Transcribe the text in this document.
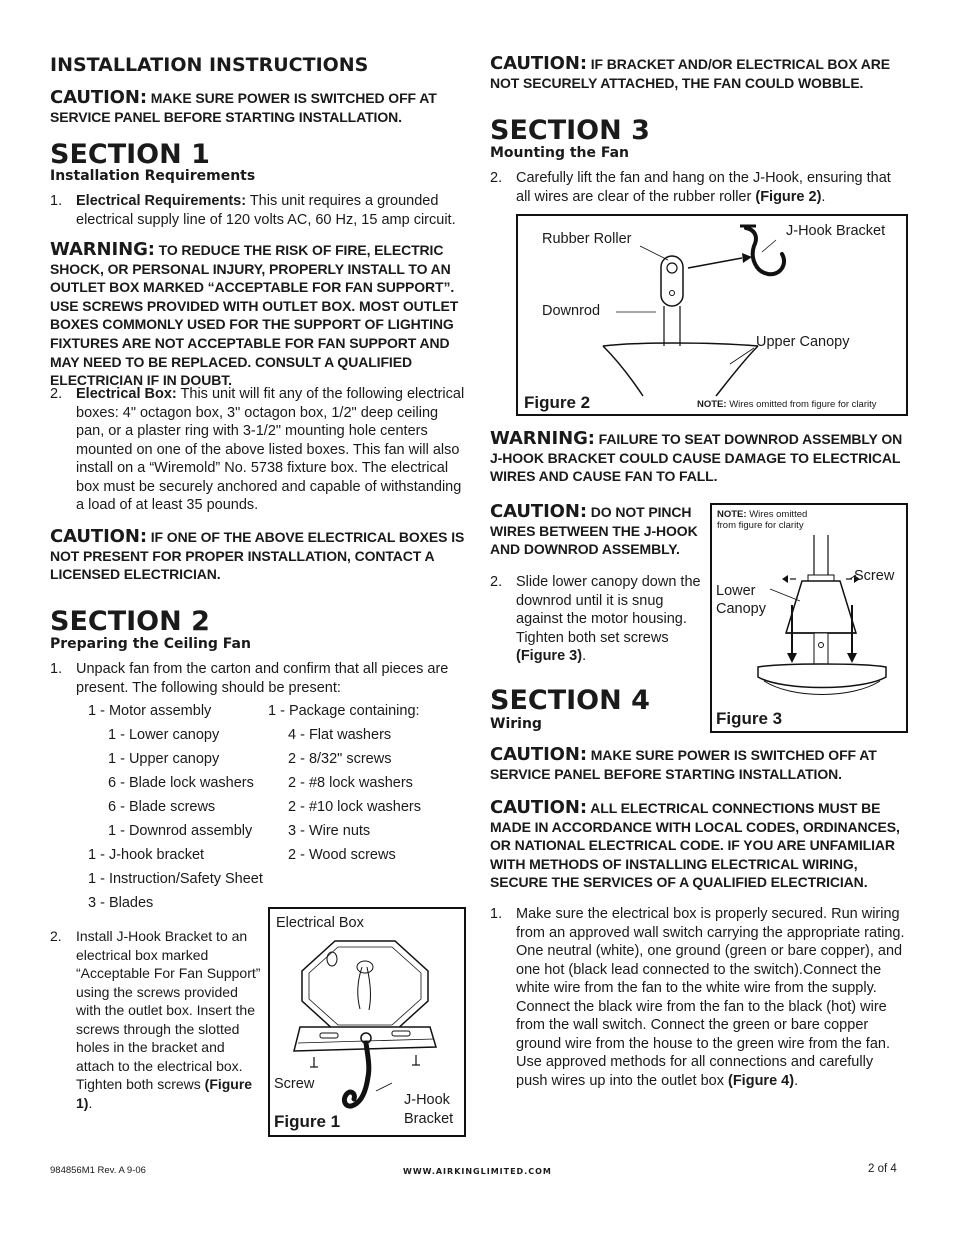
INSTALLATION INSTRUCTIONS
CAUTION: MAKE SURE POWER IS SWITCHED OFF AT SERVICE PANEL BEFORE STARTING INSTALLATION.
SECTION 1
Installation Requirements
1. Electrical Requirements: This unit requires a grounded electrical supply line of 120 volts AC, 60 Hz, 15 amp circuit.
WARNING: TO REDUCE THE RISK OF FIRE, ELECTRIC SHOCK, OR PERSONAL INJURY, PROPERLY INSTALL TO AN OUTLET BOX MARKED “ACCEPTABLE FOR FAN SUPPORT”. USE SCREWS PROVIDED WITH OUTLET BOX. MOST OUTLET BOXES COMMONLY USED FOR THE SUPPORT OF LIGHTING FIXTURES ARE NOT ACCEPTABLE FOR FAN SUPPORT AND MAY NEED TO BE REPLACED. CONSULT A QUALIFIED ELECTRICIAN IF IN DOUBT.
2. Electrical Box: This unit will fit any of the following electrical boxes: 4" octagon box, 3" octagon box, 1/2" deep ceiling pan, or a plaster ring with 3-1/2" mounting hole centers mounted on one of the above listed boxes. This fan will also install on a “Wiremold” No. 5738 fixture box. The electrical box must be securely anchored and capable of withstanding a load of at least 35 pounds.
CAUTION: IF ONE OF THE ABOVE ELECTRICAL BOXES IS NOT PRESENT FOR PROPER INSTALLATION, CONTACT A LICENSED ELECTRICIAN.
SECTION 2
Preparing the Ceiling Fan
1. Unpack fan from the carton and confirm that all pieces are present. The following should be present:
1 - Motor assembly
1 - Lower canopy
1 - Upper canopy
6 - Blade lock washers
6 - Blade screws
1 - Downrod assembly
1 - J-hook bracket
1 - Instruction/Safety Sheet
3 - Blades
1 - Package containing:
4 - Flat washers
2 - 8/32" screws
2 - #8 lock washers
2 - #10 lock washers
3 - Wire nuts
2 - Wood screws
2. Install J-Hook Bracket to an electrical box marked “Acceptable For Fan Support” using the screws provided with the outlet box. Insert the screws through the slotted holes in the bracket and attach to the electrical box. Tighten both screws (Figure 1).
Electrical Box
Screw
J-Hook
Bracket
Figure 1
CAUTION: IF BRACKET AND/OR ELECTRICAL BOX ARE NOT SECURELY ATTACHED, THE FAN COULD WOBBLE.
SECTION 3
Mounting the Fan
2. Carefully lift the fan and hang on the J-Hook, ensuring that all wires are clear of the rubber roller (Figure 2).
Rubber Roller	J-Hook Bracket
Downrod
Upper Canopy
Figure 2	NOTE: Wires omitted from figure for clarity
WARNING: FAILURE TO SEAT DOWNROD ASSEMBLY ON J-HOOK BRACKET COULD CAUSE DAMAGE TO ELECTRICAL WIRES AND CAUSE FAN TO FALL.
CAUTION: DO NOT PINCH WIRES BETWEEN THE J-HOOK AND DOWNROD ASSEMBLY.
2. Slide lower canopy down the downrod until it is snug against the motor housing. Tighten both set screws (Figure 3).
NOTE: Wires omitted from figure for clarity
Screw
Lower
Canopy
Figure 3
SECTION 4
Wiring
CAUTION: MAKE SURE POWER IS SWITCHED OFF AT SERVICE PANEL BEFORE STARTING INSTALLATION.
CAUTION: ALL ELECTRICAL CONNECTIONS MUST BE MADE IN ACCORDANCE WITH LOCAL CODES, ORDINANCES, OR NATIONAL ELECTRICAL CODE. IF YOU ARE UNFAMILIAR WITH METHODS OF INSTALLING ELECTRICAL WIRING, SECURE THE SERVICES OF A QUALIFIED ELECTRICIAN.
1. Make sure the electrical box is properly secured. Run wiring from an approved wall switch carrying the appropriate rating. One neutral (white), one ground (green or bare copper), and one hot (black lead connected to the switch).Connect the white wire from the fan to the white wire from the supply. Connect the black wire from the fan to the black (hot) wire from the wall switch. Connect the green or bare copper ground wire from the house to the green wire from the fan. Use approved methods for all connections and carefully push wires up into the outlet box (Figure 4).
984856M1 Rev. A 9-06	WWW.AIRKINGLIMITED.COM	2 of 4
